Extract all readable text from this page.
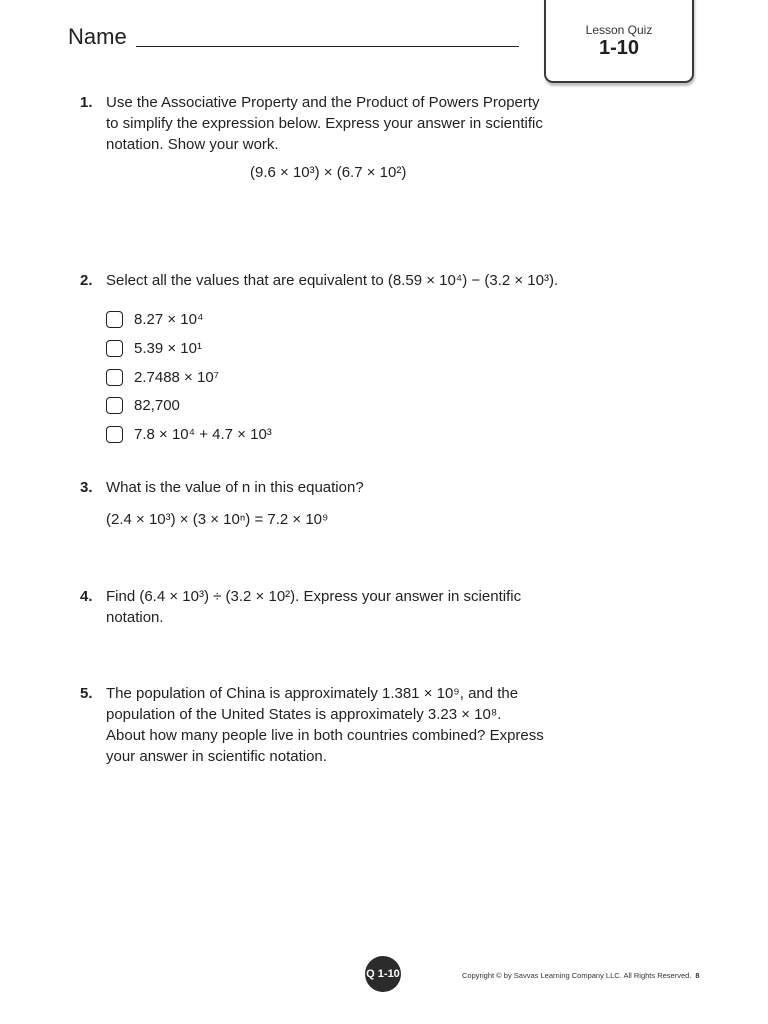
Name	Lesson Quiz
1-10
1. Use the Associative Property and the Product of Powers Property
to simplify the expression below. Express your answer in scientific
notation. Show your work.
(9.6 × 10³) × (6.7 × 10²)
2. Select all the values that are equivalent to (8.59 × 10⁴) − (3.2 × 10³).
8.27 × 10⁴
5.39 × 10¹
2.7488 × 10⁷
82,700
7.8 × 10⁴ + 4.7 × 10³
3. What is the value of n in this equation?
(2.4 × 10³) × (3 × 10ⁿ) = 7.2 × 10⁹
4. Find (6.4 × 10³) ÷ (3.2 × 10²). Express your answer in scientific
notation.
5. The population of China is approximately 1.381 × 10⁹, and the
population of the United States is approximately 3.23 × 10⁸.
About how many people live in both countries combined? Express
your answer in scientific notation.
Q 1-10	Copyright © by Savvas Learning Company LLC. All Rights Reserved. 8
